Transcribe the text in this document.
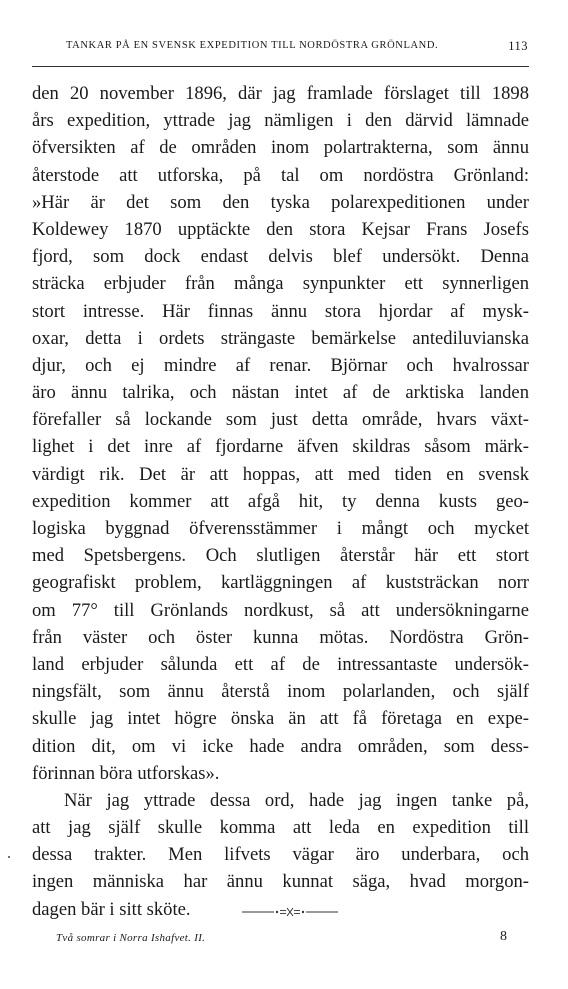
TANKAR PÅ EN SVENSK EXPEDITION TILL NORDÖSTRA GRÖNLAND.	113
den 20 november 1896, där jag framlade förslaget till 1898
års expedition, yttrade jag nämligen i den därvid lämnade
öfversikten af de områden inom polartrakterna, som ännu
återstode att utforska, på tal om nordöstra Grönland:
»Här är det som den tyska polarexpeditionen under
Koldewey 1870 upptäckte den stora Kejsar Frans Josefs
fjord, som dock endast delvis blef undersökt. Denna
sträcka erbjuder från många synpunkter ett synnerligen
stort intresse. Här finnas ännu stora hjordar af mysk-
oxar, detta i ordets strängaste bemärkelse antediluvianska
djur, och ej mindre af renar. Björnar och hvalrossar
äro ännu talrika, och nästan intet af de arktiska landen
förefaller så lockande som just detta område, hvars växt-
lighet i det inre af fjordarne äfven skildras såsom märk-
värdigt rik. Det är att hoppas, att med tiden en svensk
expedition kommer att afgå hit, ty denna kusts geo-
logiska byggnad öfverensstämmer i mångt och mycket
med Spetsbergens. Och slutligen återstår här ett stort
geografiskt problem, kartläggningen af kuststräckan norr
om 77° till Grönlands nordkust, så att undersökningarne
från väster och öster kunna mötas. Nordöstra Grön-
land erbjuder sålunda ett af de intressantaste undersök-
ningsfält, som ännu återstå inom polarlanden, och själf
skulle jag intet högre önska än att få företaga en expe-
dition dit, om vi icke hade andra områden, som dess-
förinnan böra utforskas».
När jag yttrade dessa ord, hade jag ingen tanke på,
att jag själf skulle komma att leda en expedition till
dessa trakter. Men lifvets vägar äro underbara, och
ingen människa har ännu kunnat säga, hvad morgon-
dagen bär i sitt sköte.
Två somrar i Norra Ishafvet. II.	8
